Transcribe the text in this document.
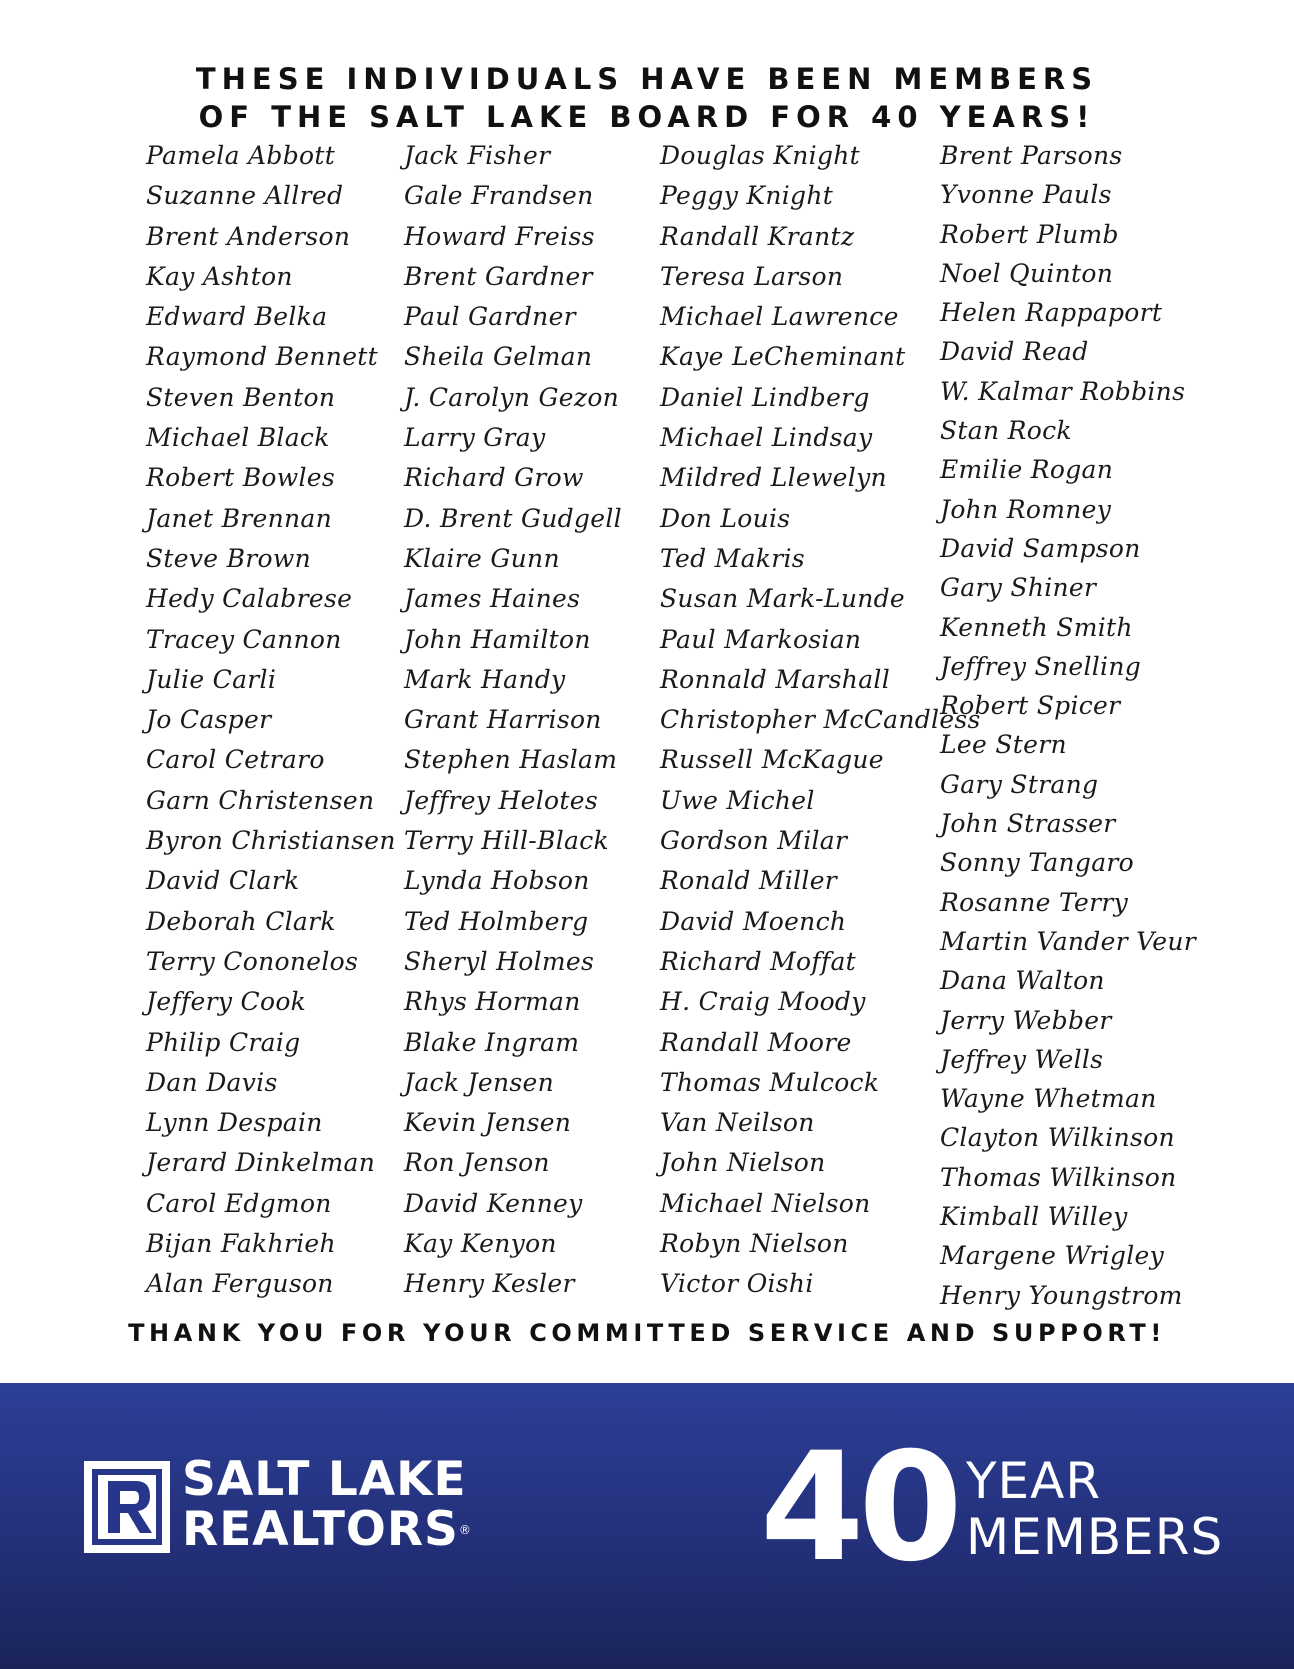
THESE INDIVIDUALS HAVE BEEN MEMBERS
OF THE SALT LAKE BOARD FOR 40 YEARS!
Pamela Abbott
Suzanne Allred
Brent Anderson
Kay Ashton
Edward Belka
Raymond Bennett
Steven Benton
Michael Black
Robert Bowles
Janet Brennan
Steve Brown
Hedy Calabrese
Tracey Cannon
Julie Carli
Jo Casper
Carol Cetraro
Garn Christensen
Byron Christiansen
David Clark
Deborah Clark
Terry Cononelos
Jeffery Cook
Philip Craig
Dan Davis
Lynn Despain
Jerard Dinkelman
Carol Edgmon
Bijan Fakhrieh
Alan Ferguson
Jack Fisher
Gale Frandsen
Howard Freiss
Brent Gardner
Paul Gardner
Sheila Gelman
J. Carolyn Gezon
Larry Gray
Richard Grow
D. Brent Gudgell
Klaire Gunn
James Haines
John Hamilton
Mark Handy
Grant Harrison
Stephen Haslam
Jeffrey Helotes
Terry Hill-Black
Lynda Hobson
Ted Holmberg
Sheryl Holmes
Rhys Horman
Blake Ingram
Jack Jensen
Kevin Jensen
Ron Jenson
David Kenney
Kay Kenyon
Henry Kesler
Douglas Knight
Peggy Knight
Randall Krantz
Teresa Larson
Michael Lawrence
Kaye LeCheminant
Daniel Lindberg
Michael Lindsay
Mildred Llewelyn
Don Louis
Ted Makris
Susan Mark-Lunde
Paul Markosian
Ronnald Marshall
Christopher McCandless
Russell McKague
Uwe Michel
Gordson Milar
Ronald Miller
David Moench
Richard Moffat
H. Craig Moody
Randall Moore
Thomas Mulcock
Van Neilson
John Nielson
Michael Nielson
Robyn Nielson
Victor Oishi
Brent Parsons
Yvonne Pauls
Robert Plumb
Noel Quinton
Helen Rappaport
David Read
W. Kalmar Robbins
Stan Rock
Emilie Rogan
John Romney
David Sampson
Gary Shiner
Kenneth Smith
Jeffrey Snelling
Robert Spicer
Lee Stern
Gary Strang
John Strasser
Sonny Tangaro
Rosanne Terry
Martin Vander Veur
Dana Walton
Jerry Webber
Jeffrey Wells
Wayne Whetman
Clayton Wilkinson
Thomas Wilkinson
Kimball Willey
Margene Wrigley
Henry Youngstrom
THANK YOU FOR YOUR COMMITTED SERVICE AND SUPPORT!
SALT LAKE
REALTORS® 40 YEAR
MEMBERS
